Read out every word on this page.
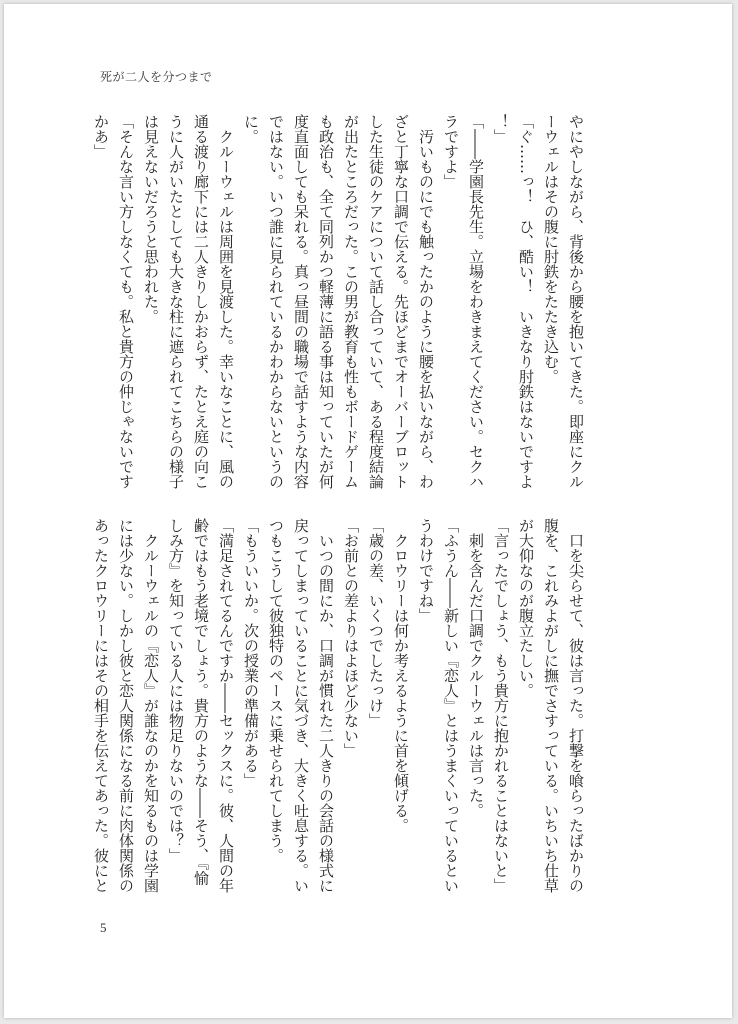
死が二人を分つまで
やにやしながら、背後から腰を抱いてきた。即座にクル
ーウェルはその腹に肘鉄をたたき込む。
「ぐ……っ！　ひ、酷い！　いきなり肘鉄はないですよ
！」
「――学園長先生。立場をわきまえてください。セクハ
ラですよ」
　汚いものにでも触ったかのように腰を払いながら、わ
ざと丁寧な口調で伝える。先ほどまでオーバーブロット
した生徒のケアについて話し合っていて、ある程度結論
が出たところだった。この男が教育も性もボードゲーム
も政治も、全て同列かつ軽薄に語る事は知っていたが何
度直面しても呆れる。真っ昼間の職場で話すような内容
ではない。いつ誰に見られているかわからないというの
に。
　クルーウェルは周囲を見渡した。幸いなことに、風の
通る渡り廊下には二人きりしかおらず、たとえ庭の向こ
うに人がいたとしても大きな柱に遮られてこちらの様子
は見えないだろうと思われた。
「そんな言い方しなくても。私と貴方の仲じゃないです
かあ」
　口を尖らせて、彼は言った。打撃を喰らったばかりの
腹を、これみよがしに撫でさすっている。いちいち仕草
が大仰なのが腹立たしい。
「言ったでしょう、もう貴方に抱かれることはないと」
　刺を含んだ口調でクルーウェルは言った。
「ふうん――新しい『恋人』とはうまくいっているとい
うわけですね」
　クロウリーは何か考えるように首を傾げる。
「歳の差、いくつでしたっけ」
「お前との差よりはよほど少ない」
　いつの間にか、口調が慣れた二人きりの会話の様式に
戻ってしまっていることに気づき、大きく吐息する。い
つもこうして彼独特のペースに乗せられてしまう。
「もういいか。次の授業の準備がある」
「満足されてるんですか――セックスに。彼、人間の年
齢ではもう老境でしょう。貴方のような――そう、『愉
しみ方』を知っている人には物足りないのでは？」
　クルーウェルの『恋人』が誰なのかを知るものは学園
には少ない。しかし彼と恋人関係になる前に肉体関係の
あったクロウリーにはその相手を伝えてあった。彼にと
5
